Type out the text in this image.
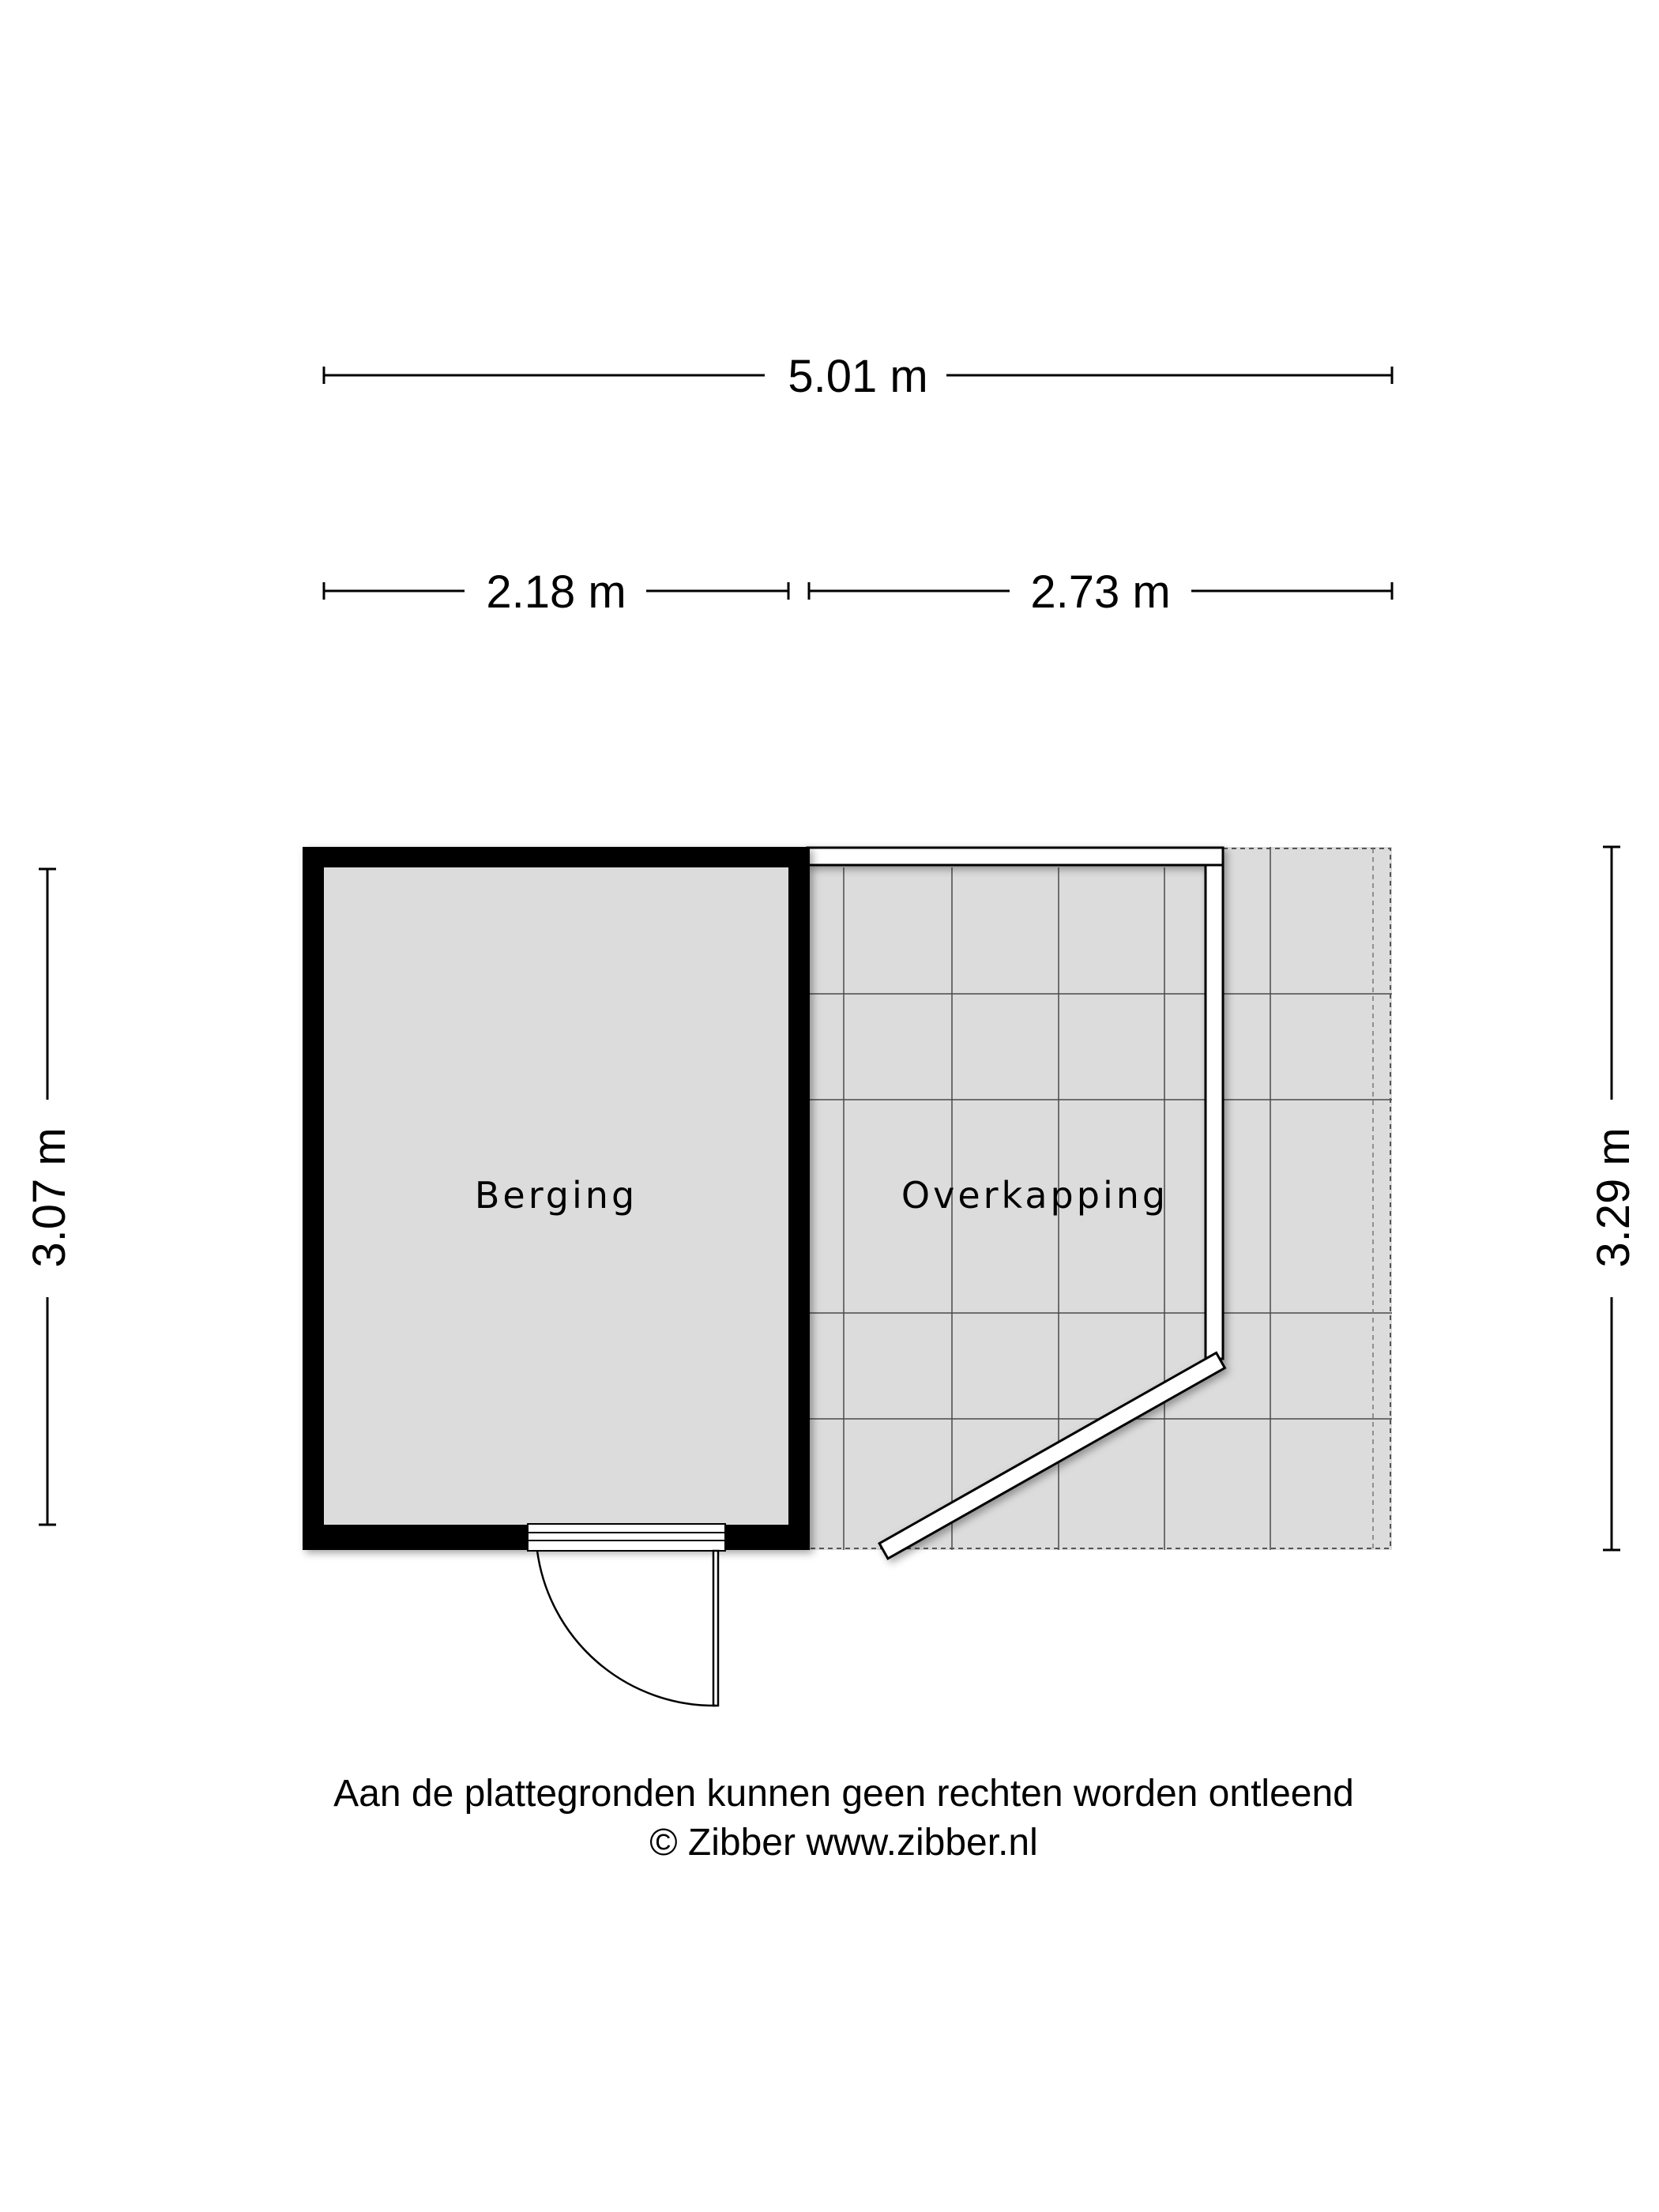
5.01 m
2.18 m	2.73 m
3.07 m	3.29 m
Berging	Overkapping
Aan de plattegronden kunnen geen rechten worden ontleend
© Zibber www.zibber.nl
